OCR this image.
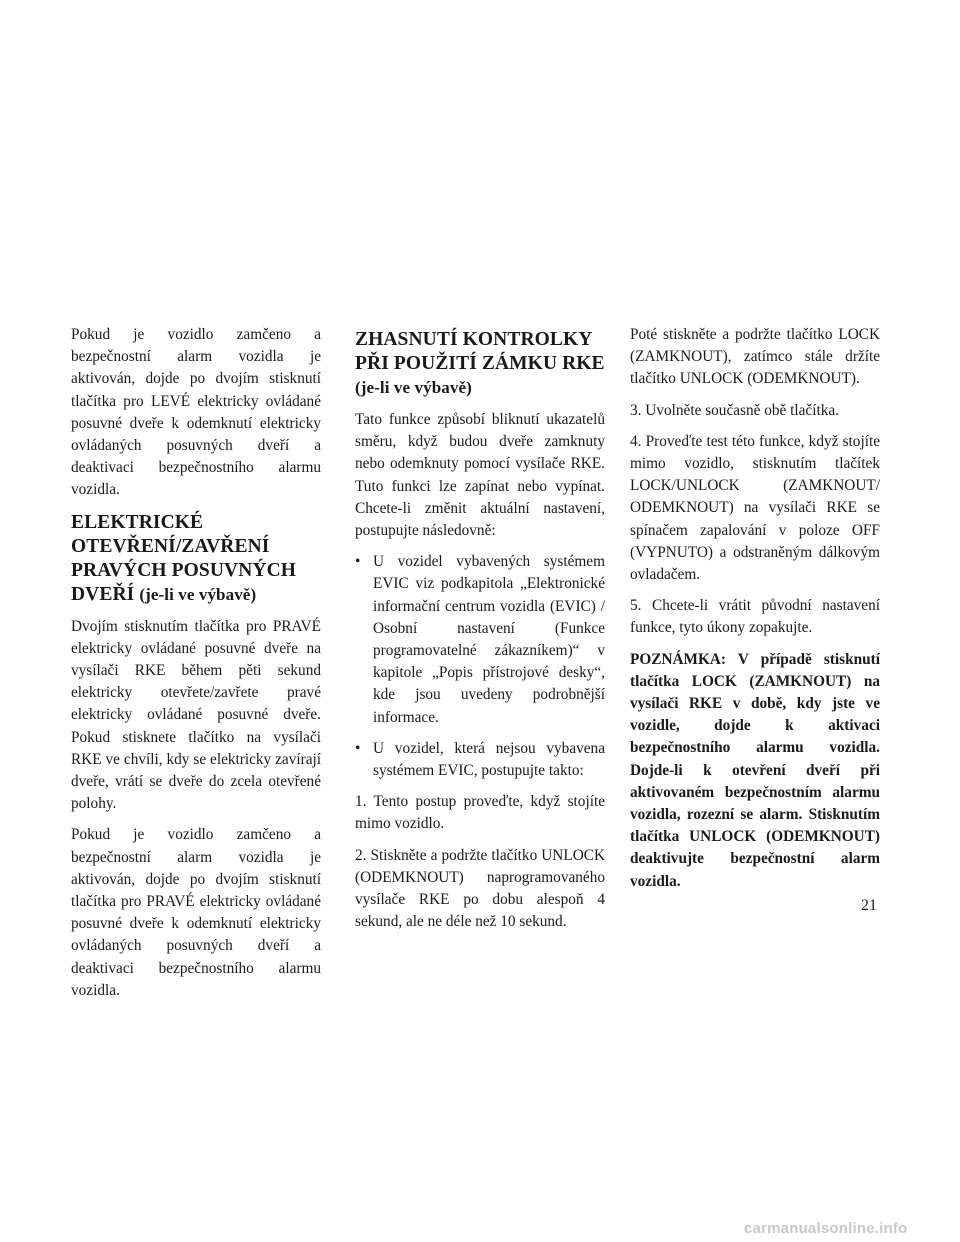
Pokud je vozidlo zamčeno a bezpečnostní alarm vozidla je aktivován, dojde po dvojím stisknutí tlačítka pro LEVÉ elektricky ovládané posuvné dveře k odemknutí elektricky ovládaných posuvných dveří a deaktivaci bezpečnostního alarmu vozidla.

ELEKTRICKÉ OTEVŘENÍ/ZAVŘENÍ PRAVÝCH POSUVNÝCH DVEŘÍ (je-li ve výbavě)

Dvojím stisknutím tlačítka pro PRAVÉ elektricky ovládané posuvné dveře na vysílači RKE během pěti sekund elektricky otevřete/zavřete pravé elektricky ovládané posuvné dveře. Pokud stisknete tlačítko na vysílači RKE ve chvíli, kdy se elektricky zavírají dveře, vrátí se dveře do zcela otevřené polohy.

Pokud je vozidlo zamčeno a bezpečnostní alarm vozidla je aktivován, dojde po dvojím stisknutí tlačítka pro PRAVÉ elektricky ovládané posuvné dveře k odemknutí elektricky ovládaných posuvných dveří a deaktivaci bezpečnostního alarmu vozidla.

ZHASNUTÍ KONTROLKY PŘI POUŽITÍ ZÁMKU RKE (je-li ve výbavě)

Tato funkce způsobí bliknutí ukazatelů směru, když budou dveře zamknuty nebo odemknuty pomocí vysílače RKE. Tuto funkci lze zapínat nebo vypínat. Chcete-li změnit aktuální nastavení, postupujte následovně:

• U vozidel vybavených systémem EVIC viz podkapitola „Elektronické informační centrum vozidla (EVIC) / Osobní nastavení (Funkce programovatelné zákazníkem)“ v kapitole „Popis přístrojové desky“, kde jsou uvedeny podrobnější informace.
• U vozidel, která nejsou vybavena systémem EVIC, postupujte takto:

1. Tento postup proveďte, když stojíte mimo vozidlo.

2. Stiskněte a podržte tlačítko UNLOCK (ODEMKNOUT) naprogramovaného vysílače RKE po dobu alespoň 4 sekund, ale ne déle než 10 sekund.

Poté stiskněte a podržte tlačítko LOCK (ZAMKNOUT), zatímco stále držíte tlačítko UNLOCK (ODEMKNOUT).

3. Uvolněte současně obě tlačítka.

4. Proveďte test této funkce, když stojíte mimo vozidlo, stisknutím tlačítek LOCK/UNLOCK (ZAMKNOUT/ ODEMKNOUT) na vysílači RKE se spínačem zapalování v poloze OFF (VYPNUTO) a odstraněným dálkovým ovladačem.

5. Chcete-li vrátit původní nastavení funkce, tyto úkony zopakujte.

POZNÁMKA: V případě stisknutí tlačítka LOCK (ZAMKNOUT) na vysílači RKE v době, kdy jste ve vozidle, dojde k aktivaci bezpečnostního alarmu vozidla. Dojde-li k otevření dveří při aktivovaném bezpečnostním alarmu vozidla, rozezní se alarm. Stisknutím tlačítka UNLOCK (ODEMKNOUT) deaktivujte bezpečnostní alarm vozidla.

21
carmanualsonline.info
